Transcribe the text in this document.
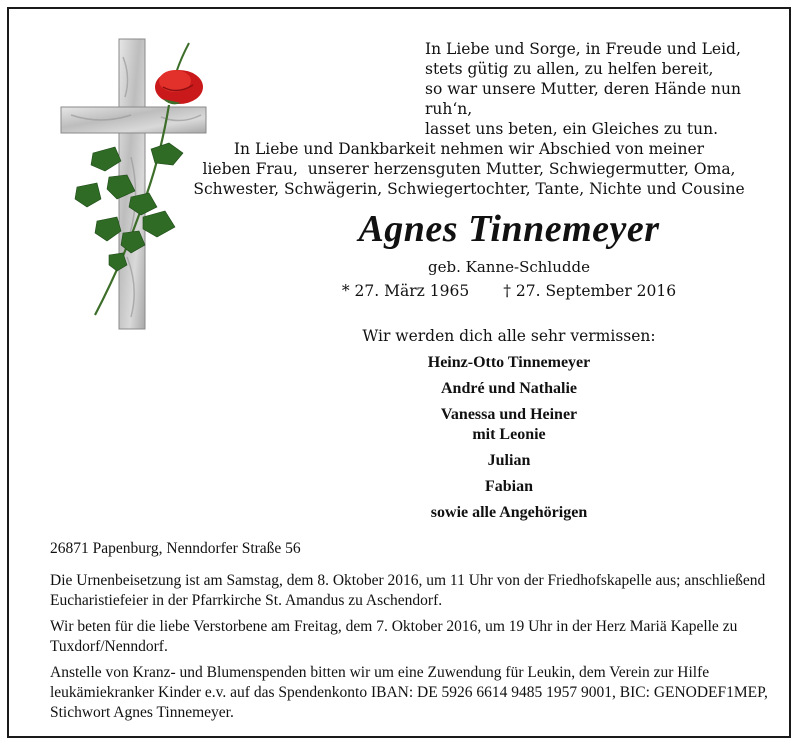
In Liebe und Sorge, in Freude und Leid,
stets gütig zu allen, zu helfen bereit,
so war unsere Mutter, deren Hände nun ruh‘n,
lasset uns beten, ein Gleiches zu tun.
In Liebe und Dankbarkeit nehmen wir Abschied von meiner
lieben Frau,  unserer herzensguten Mutter, Schwiegermutter, Oma,
Schwester, Schwägerin, Schwiegertochter, Tante, Nichte und Cousine
Agnes Tinnemeyer
geb. Kanne-Schludde
* 27. März 1965 † 27. September 2016
Wir werden dich alle sehr vermissen:
Heinz-Otto Tinnemeyer
André und Nathalie
Vanessa und Heiner
mit Leonie
Julian
Fabian
sowie alle Angehörigen
26871 Papenburg, Nenndorfer Straße 56
Die Urnenbeisetzung ist am Samstag, dem 8. Oktober 2016, um 11 Uhr von der Friedhofskapelle aus; anschließend Eucharistiefeier in der Pfarrkirche St. Amandus zu Aschendorf.
Wir beten für die liebe Verstorbene am Freitag, dem 7. Oktober 2016, um 19 Uhr in der Herz Mariä Kapelle zu Tuxdorf/Nenndorf.
Anstelle von Kranz- und Blumenspenden bitten wir um eine Zuwendung für Leukin, dem Verein zur Hilfe leukämiekranker Kinder e.v. auf das Spendenkonto IBAN: DE 5926 6614 9485 1957 9001, BIC: GENODEF1MEP, Stichwort Agnes Tinnemeyer.
